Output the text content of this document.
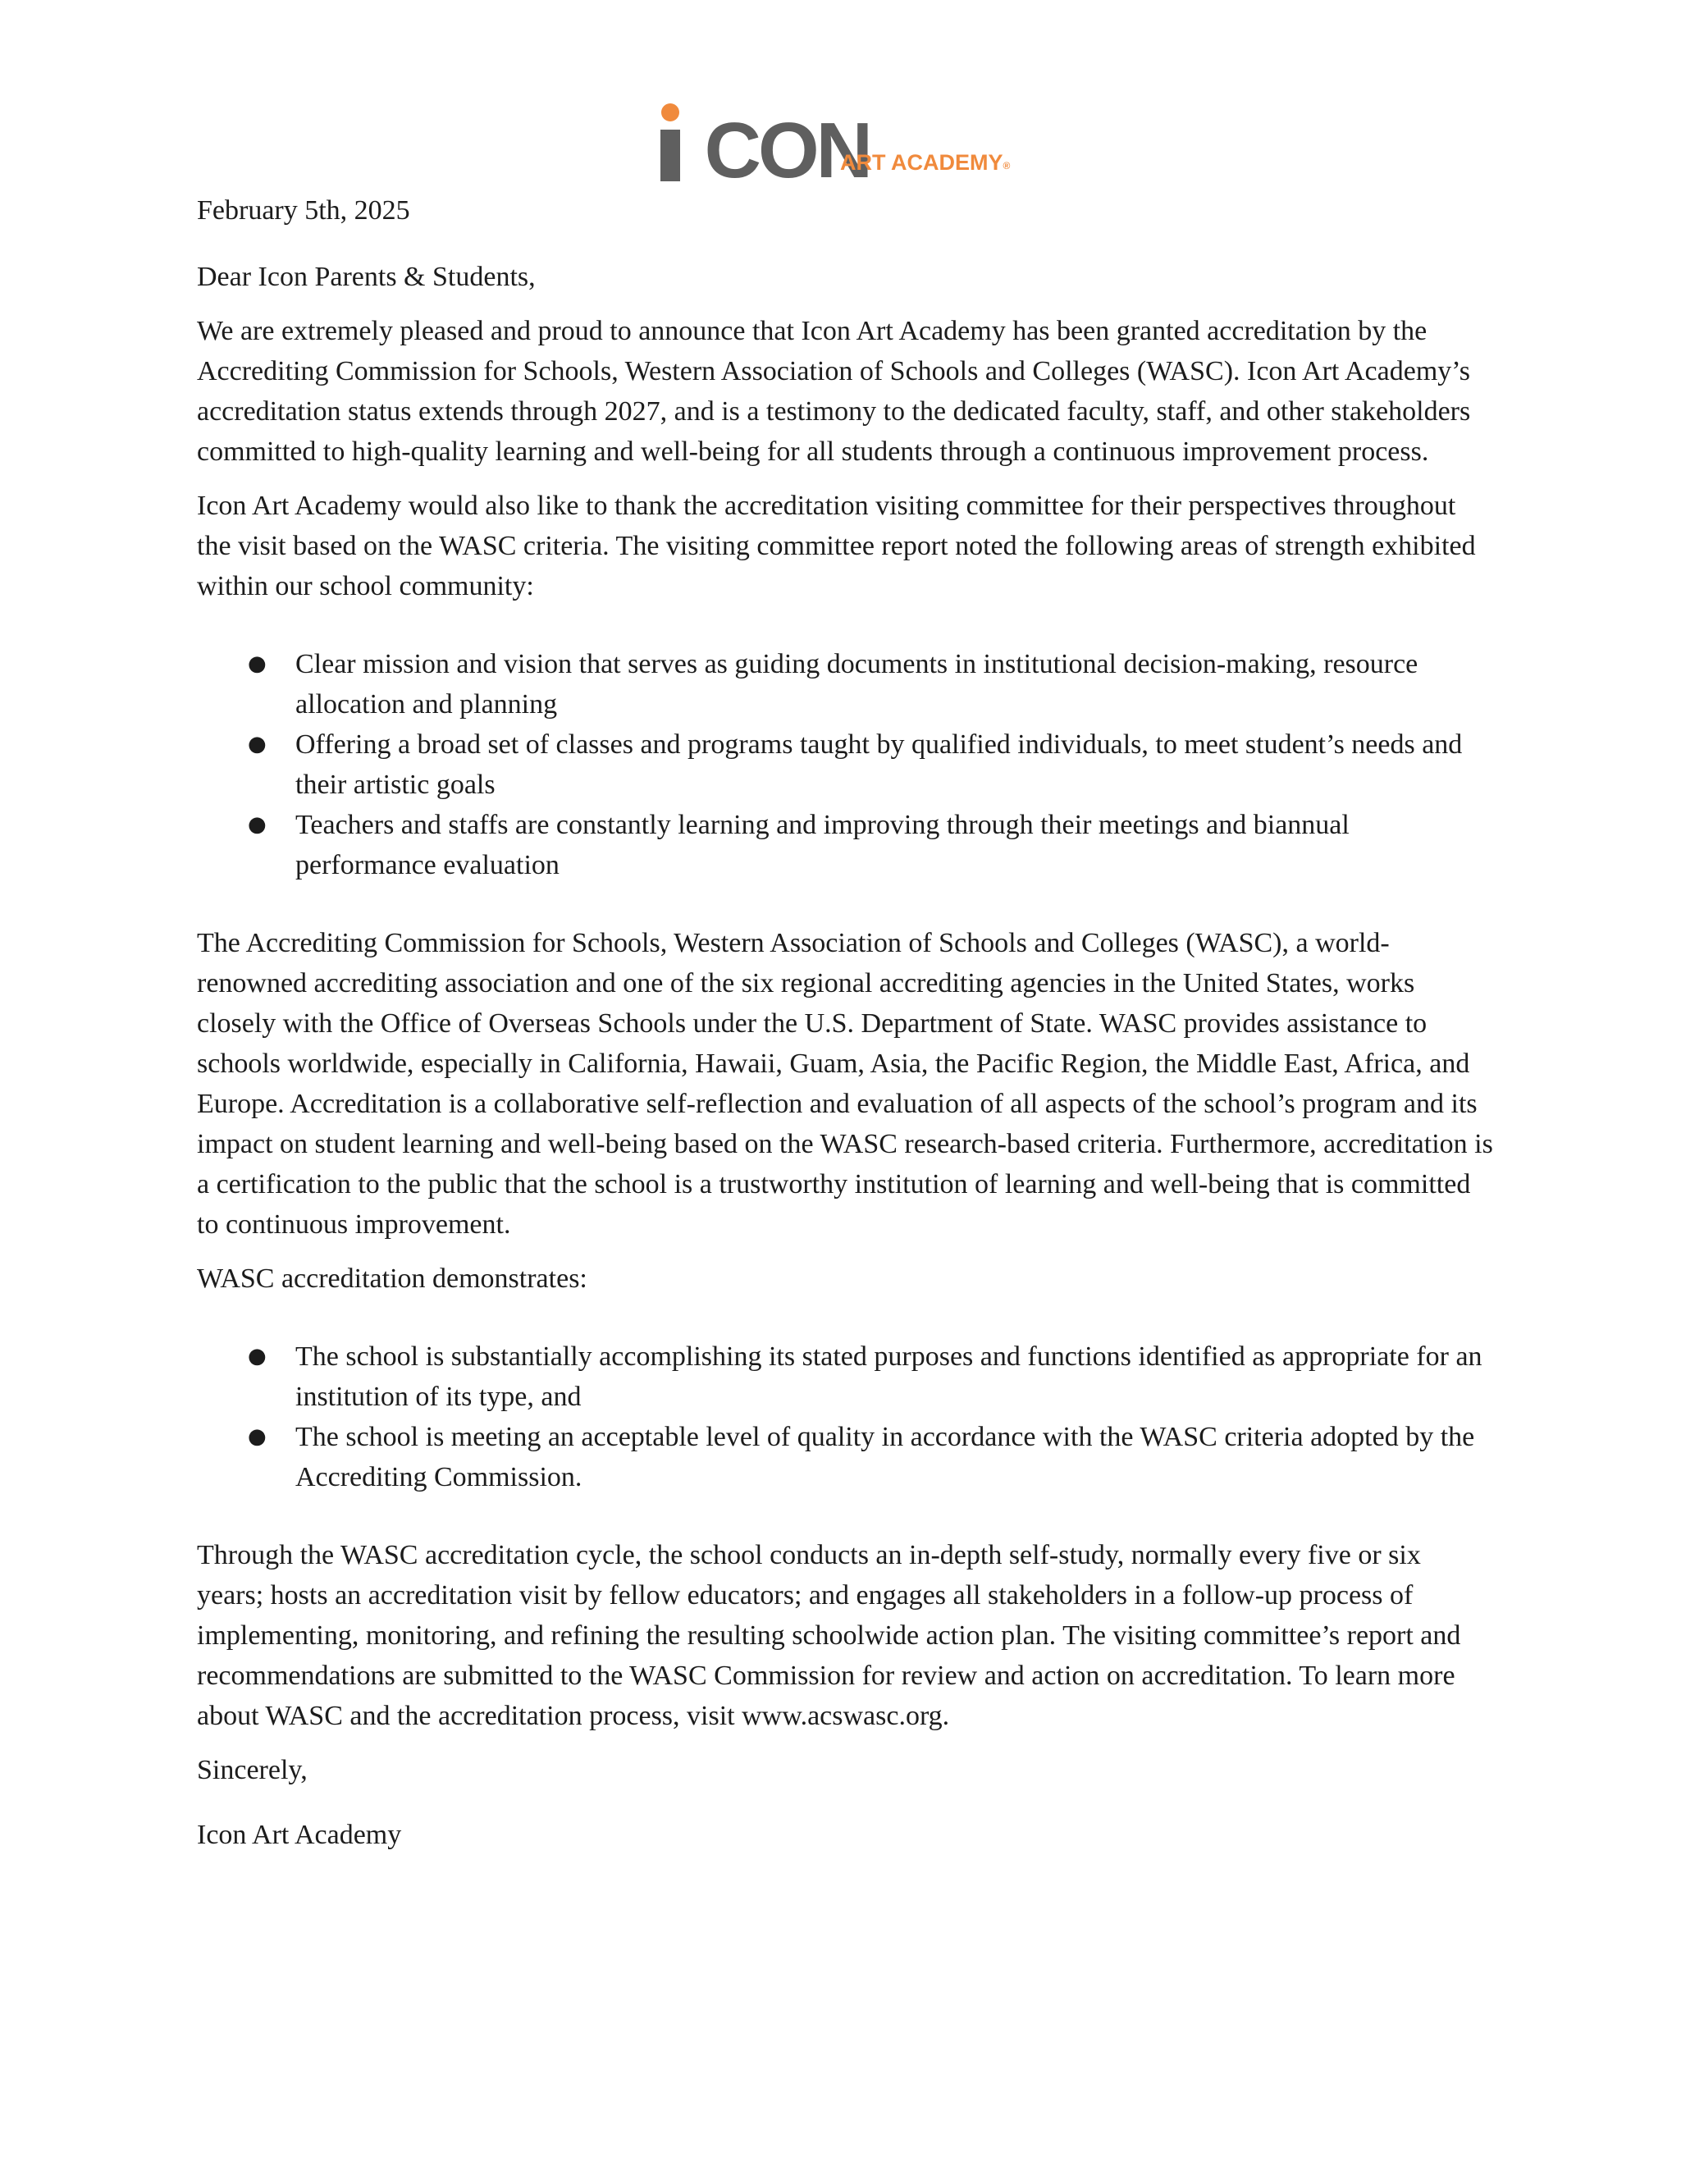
CON
ART ACADEMY®

February 5th, 2025

Dear Icon Parents & Students,

We are extremely pleased and proud to announce that Icon Art Academy has been granted accreditation by the Accrediting Commission for Schools, Western Association of Schools and Colleges (WASC). Icon Art Academy’s accreditation status extends through 2027, and is a testimony to the dedicated faculty, staff, and other stakeholders committed to high-quality learning and well-being for all students through a continuous improvement process.

Icon Art Academy would also like to thank the accreditation visiting committee for their perspectives throughout the visit based on the WASC criteria. The visiting committee report noted the following areas of strength exhibited within our school community:

● Clear mission and vision that serves as guiding documents in institutional decision-making, resource allocation and planning
● Offering a broad set of classes and programs taught by qualified individuals, to meet student’s needs and their artistic goals
● Teachers and staffs are constantly learning and improving through their meetings and biannual performance evaluation

The Accrediting Commission for Schools, Western Association of Schools and Colleges (WASC), a world-renowned accrediting association and one of the six regional accrediting agencies in the United States, works closely with the Office of Overseas Schools under the U.S. Department of State. WASC provides assistance to schools worldwide, especially in California, Hawaii, Guam, Asia, the Pacific Region, the Middle East, Africa, and Europe. Accreditation is a collaborative self-reflection and evaluation of all aspects of the school’s program and its impact on student learning and well-being based on the WASC research-based criteria. Furthermore, accreditation is a certification to the public that the school is a trustworthy institution of learning and well-being that is committed to continuous improvement.

WASC accreditation demonstrates:

● The school is substantially accomplishing its stated purposes and functions identified as appropriate for an institution of its type, and
● The school is meeting an acceptable level of quality in accordance with the WASC criteria adopted by the Accrediting Commission.

Through the WASC accreditation cycle, the school conducts an in-depth self-study, normally every five or six years; hosts an accreditation visit by fellow educators; and engages all stakeholders in a follow-up process of implementing, monitoring, and refining the resulting schoolwide action plan. The visiting committee’s report and recommendations are submitted to the WASC Commission for review and action on accreditation. To learn more about WASC and the accreditation process, visit www.acswasc.org.

Sincerely,

Icon Art Academy
